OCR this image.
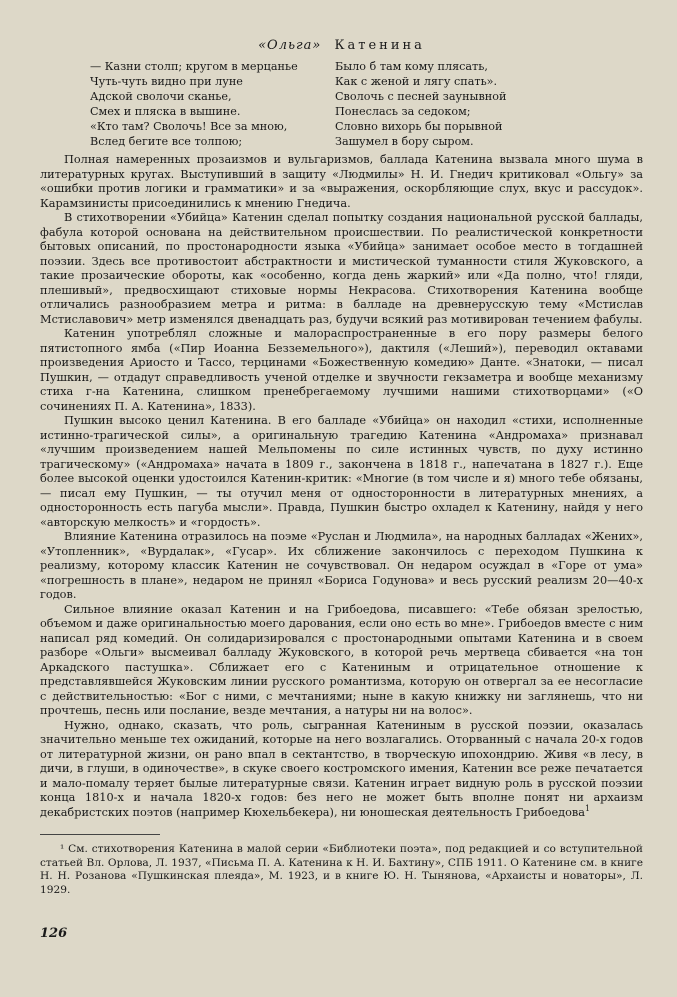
«Ольга» Катенина
— Казни столп; кругом в мерцанье
Чуть-чуть видно при луне
Адской сволочи сканье,
Смех и пляска в вышине.
«Кто там? Сволочь! Все за мною,
Вслед бегите все толпою;
Было б там кому плясать,
Как с женой и лягу спать».
Сволочь с песней заунывной
Понеслась за седоком;
Словно вихорь бы порывной
Зашумел в бору сыром.

Полная намеренных прозаизмов и вульгаризмов, баллада Катенина вызвала много шума в литературных кругах. Выступивший в защиту «Людмилы» Н. И. Гнедич критиковал «Ольгу» за «ошибки против логики и грамматики» и за «выражения, оскорбляющие слух, вкус и рассудок». Карамзинисты присоединились к мнению Гнедича.

В стихотворении «Убийца» Катенин сделал попытку создания национальной русской баллады, фабула которой основана на действительном происшествии. По реалистической конкретности бытовых описаний, по простонародности языка «Убийца» занимает особое место в тогдашней поэзии. Здесь все противостоит абстрактности и мистической туманности стиля Жуковского, а такие прозаические обороты, как «особенно, когда день жаркий» или «Да полно, что! гляди, плешивый», предвосхищают стиховые нормы Некрасова. Стихотворения Катенина вообще отличались разнообразием метра и ритма: в балладе на древнерусскую тему «Мстислав Мстиславович» метр изменялся двенадцать раз, будучи всякий раз мотивирован течением фабулы.

Катенин употреблял сложные и малораспространенные в его пору размеры белого пятистопного ямба («Пир Иоанна Безземельного»), дактиля («Леший»), переводил октавами произведения Ариосто и Тассо, терцинами «Божественную комедию» Данте. «Знатоки, — писал Пушкин, — отдадут справедливость ученой отделке и звучности гекзаметра и вообще механизму стиха г-на Катенина, слишком пренебрегаемому лучшими нашими стихотворцами» («О сочинениях П. А. Катенина», 1833).

Пушкин высоко ценил Катенина. В его балладе «Убийца» он находил «стихи, исполненные истинно-трагической силы», а оригинальную трагедию Катенина «Андромаха» признавал «лучшим произведением нашей Мельпомены по силе истинных чувств, по духу истинно трагическому» («Андромаха» начата в 1809 г., закончена в 1818 г., напечатана в 1827 г.). Еще более высокой оценки удостоился Катенин-критик: «Многие (в том числе и я) много тебе обязаны, — писал ему Пушкин, — ты отучил меня от односторонности в литературных мнениях, а односторонность есть пагуба мысли». Правда, Пушкин быстро охладел к Катенину, найдя у него «авторскую мелкость» и «гордость».

Влияние Катенина отразилось на поэме «Руслан и Людмила», на народных балладах «Жених», «Утопленник», «Вурдалак», «Гусар». Их сближение закончилось с переходом Пушкина к реализму, которому классик Катенин не сочувствовал. Он недаром осуждал в «Горе от ума» «погрешность в плане», недаром не принял «Бориса Годунова» и весь русский реализм 20—40-х годов.

Сильное влияние оказал Катенин и на Грибоедова, писавшего: «Тебе обязан зрелостью, объемом и даже оригинальностью моего дарования, если оно есть во мне». Грибоедов вместе с ним написал ряд комедий. Он солидаризировался с простонародными опытами Катенина и в своем разборе «Ольги» высмеивал балладу Жуковского, в которой речь мертвеца сбивается «на тон Аркадского пастушка». Сближает его с Катениным и отрицательное отношение к представлявшейся Жуковским линии русского романтизма, которую он отвергал за ее несогласие с действительностью: «Бог с ними, с мечтаниями; ныне в какую книжку ни заглянешь, что ни прочтешь, песнь или послание, везде мечтания, а натуры ни на волос».

Нужно, однако, сказать, что роль, сыгранная Катениным в русской поэзии, оказалась значительно меньше тех ожиданий, которые на него возлагались. Оторванный с начала 20-х годов от литературной жизни, он рано впал в сектантство, в творческую ипохондрию. Живя «в лесу, в дичи, в глуши, в одиночестве», в скуке своего костромского имения, Катенин все реже печатается и мало-помалу теряет былые литературные связи. Катенин играет видную роль в русской поэзии конца 1810-х и начала 1820-х годов: без него не может быть вполне понят ни архаизм декабристских поэтов (например Кюхельбекера), ни юношеская деятельность Грибоедова$^1$

¹ См. стихотворения Катенина в малой серии «Библиотеки поэта», под редакцией и со вступительной статьей Вл. Орлова, Л. 1937, «Письма П. А. Катенина к Н. И. Бахтину», СПБ 1911. О Катенине см. в книге Н. Н. Розанова «Пушкинская плеяда», М. 1923, и в книге Ю. Н. Тынянова, «Архаисты и новаторы», Л. 1929.

126
